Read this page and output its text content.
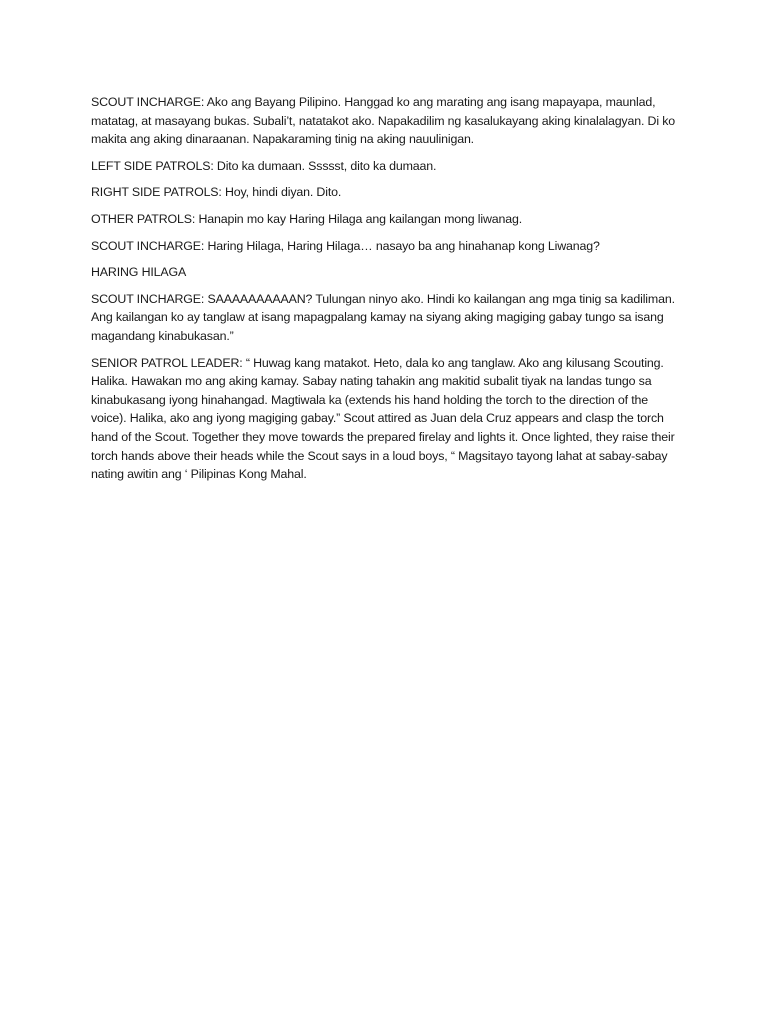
SCOUT INCHARGE: Ako ang Bayang Pilipino. Hanggad ko ang marating ang isang mapayapa, maunlad, matatag, at masayang bukas. Subali’t, natatakot ako. Napakadilim ng kasalukayang aking kinalalagyan. Di ko makita ang aking dinaraanan. Napakaraming tinig na aking nauulinigan.

LEFT SIDE PATROLS: Dito ka dumaan. Ssssst, dito ka dumaan.

RIGHT SIDE PATROLS: Hoy, hindi diyan. Dito.

OTHER PATROLS: Hanapin mo kay Haring Hilaga ang kailangan mong liwanag.

SCOUT INCHARGE: Haring Hilaga, Haring Hilaga… nasayo ba ang hinahanap kong Liwanag?

HARING HILAGA

SCOUT INCHARGE: SAAAAAAAAAAN? Tulungan ninyo ako. Hindi ko kailangan ang mga tinig sa kadiliman. Ang kailangan ko ay tanglaw at isang mapagpalang kamay na siyang aking magiging gabay tungo sa isang magandang kinabukasan.”

SENIOR PATROL LEADER: “ Huwag kang matakot. Heto, dala ko ang tanglaw. Ako ang kilusang Scouting. Halika. Hawakan mo ang aking kamay. Sabay nating tahakin ang makitid subalit tiyak na landas tungo sa kinabukasang iyong hinahangad. Magtiwala ka (extends his hand holding the torch to the direction of the voice). Halika, ako ang iyong magiging gabay.” Scout attired as Juan dela Cruz appears and clasp the torch hand of the Scout. Together they move towards the prepared firelay and lights it. Once lighted, they raise their torch hands above their heads while the Scout says in a loud boys, “ Magsitayo tayong lahat at sabay-sabay nating awitin ang ‘ Pilipinas Kong Mahal.
